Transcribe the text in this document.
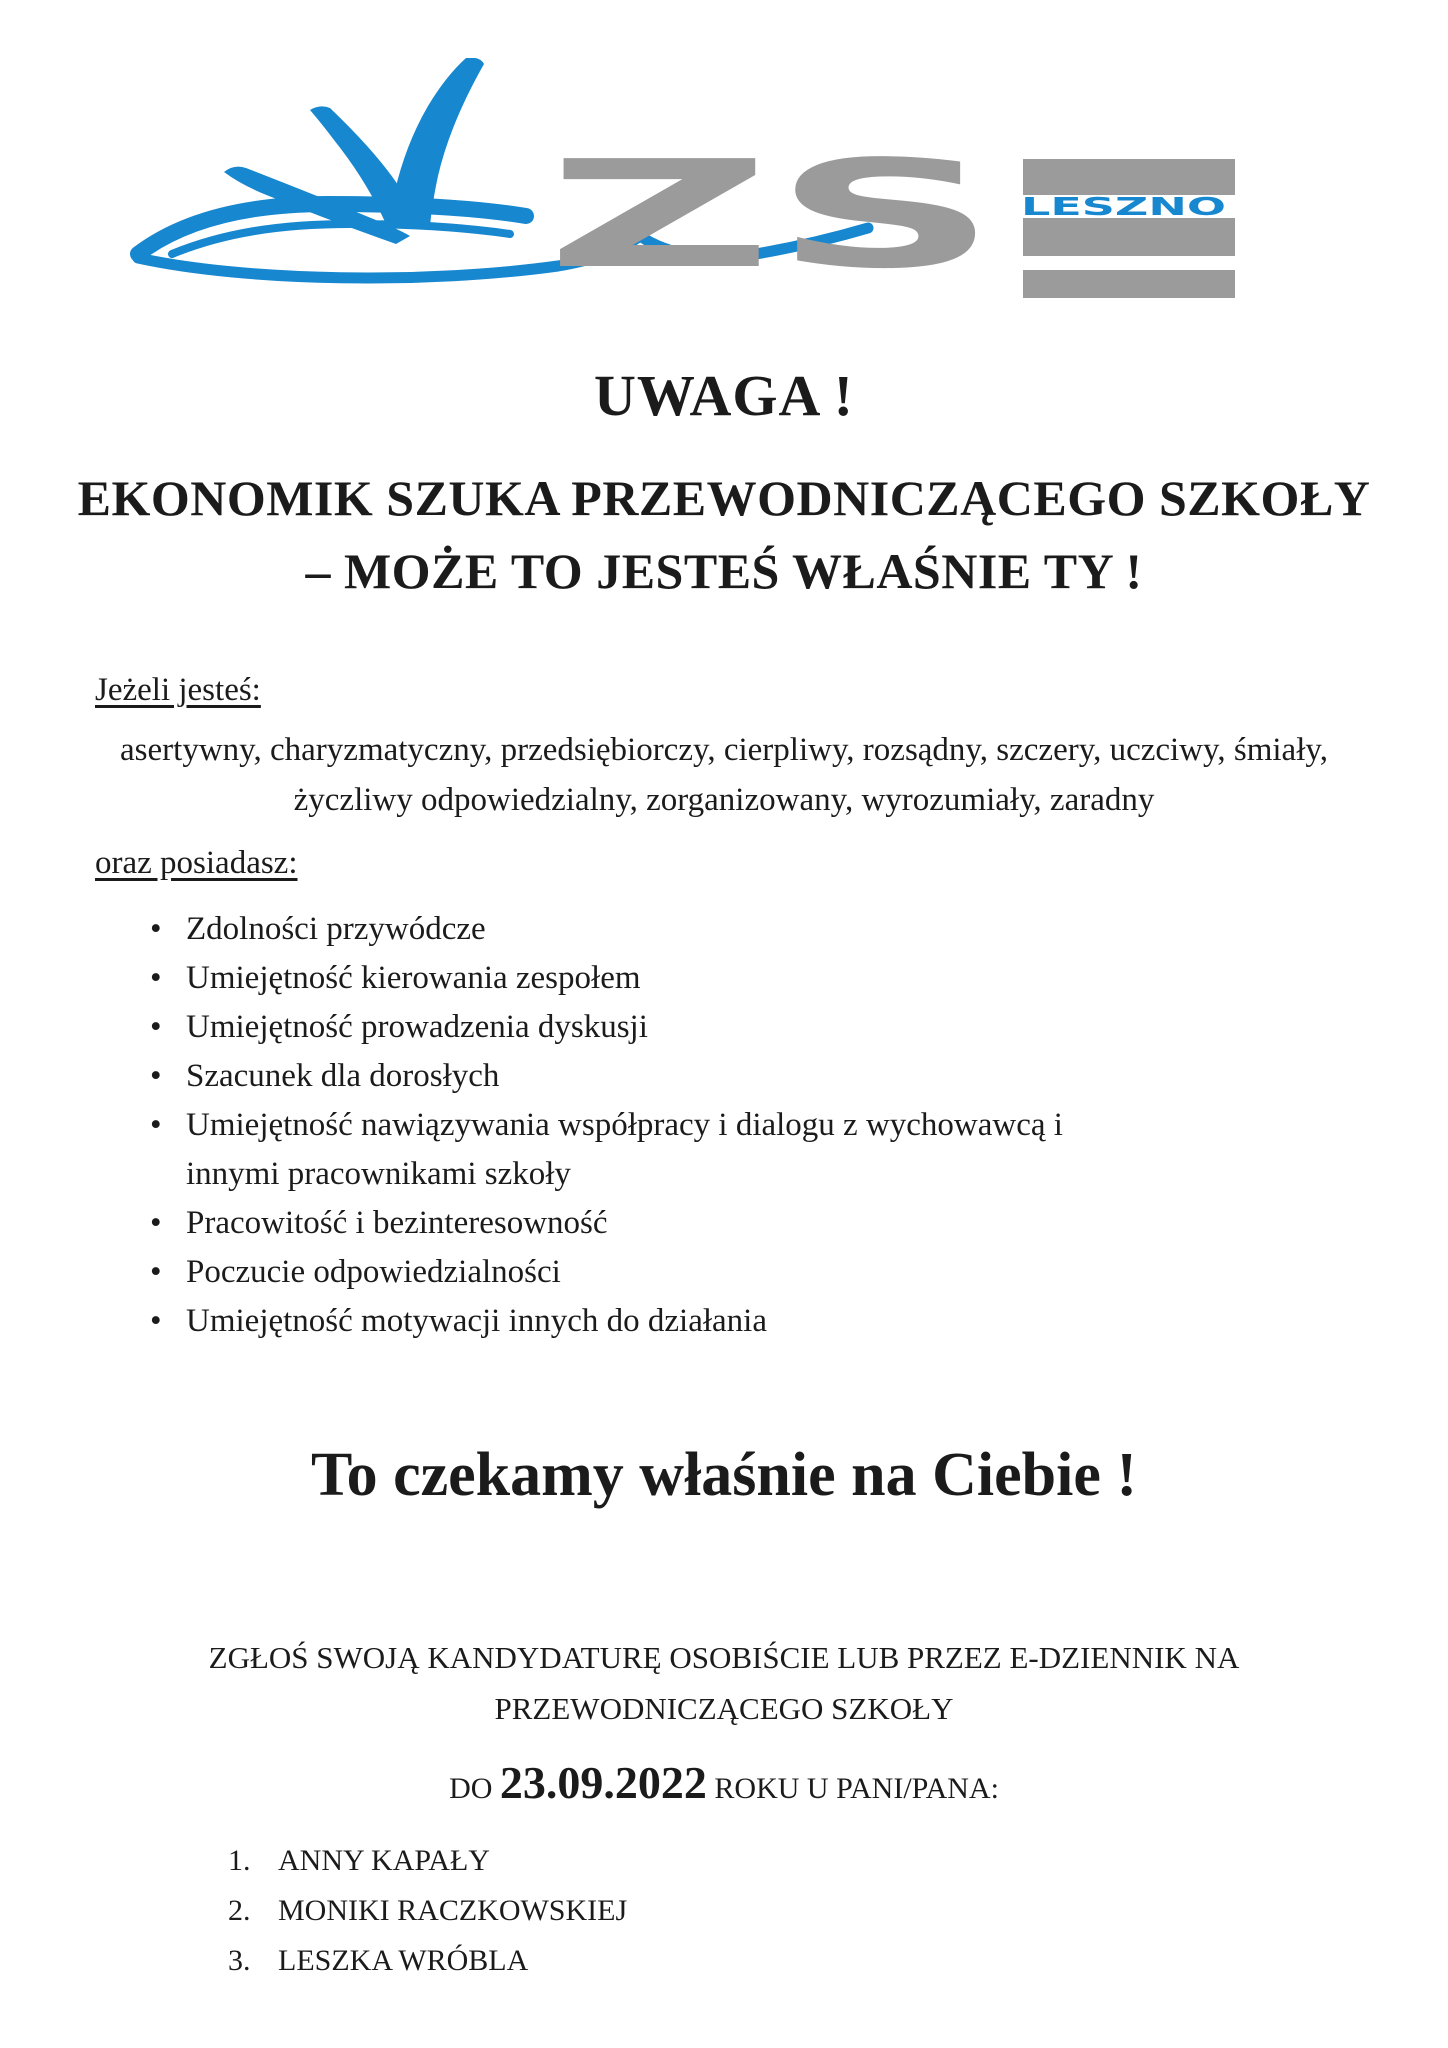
ZS LESZNO
UWAGA !
EKONOMIK SZUKA PRZEWODNICZĄCEGO SZKOŁY
– MOŻE TO JESTEŚ WŁAŚNIE TY !
Jeżeli jesteś:
asertywny, charyzmatyczny, przedsiębiorczy, cierpliwy, rozsądny, szczery, uczciwy, śmiały, życzliwy odpowiedzialny, zorganizowany, wyrozumiały, zaradny
oraz posiadasz:
• Zdolności przywódcze
• Umiejętność kierowania zespołem
• Umiejętność prowadzenia dyskusji
• Szacunek dla dorosłych
• Umiejętność nawiązywania współpracy i dialogu z wychowawcą i innymi pracownikami szkoły
• Pracowitość i bezinteresowność
• Poczucie odpowiedzialności
• Umiejętność motywacji innych do działania
To czekamy właśnie na Ciebie !
ZGŁOŚ SWOJĄ KANDYDATURĘ OSOBIŚCIE LUB PRZEZ E-DZIENNIK NA
PRZEWODNICZĄCEGO SZKOŁY
DO 23.09.2022 ROKU U PANI/PANA:
1. ANNY KAPAŁY
2. MONIKI RACZKOWSKIEJ
3. LESZKA WRÓBLA
